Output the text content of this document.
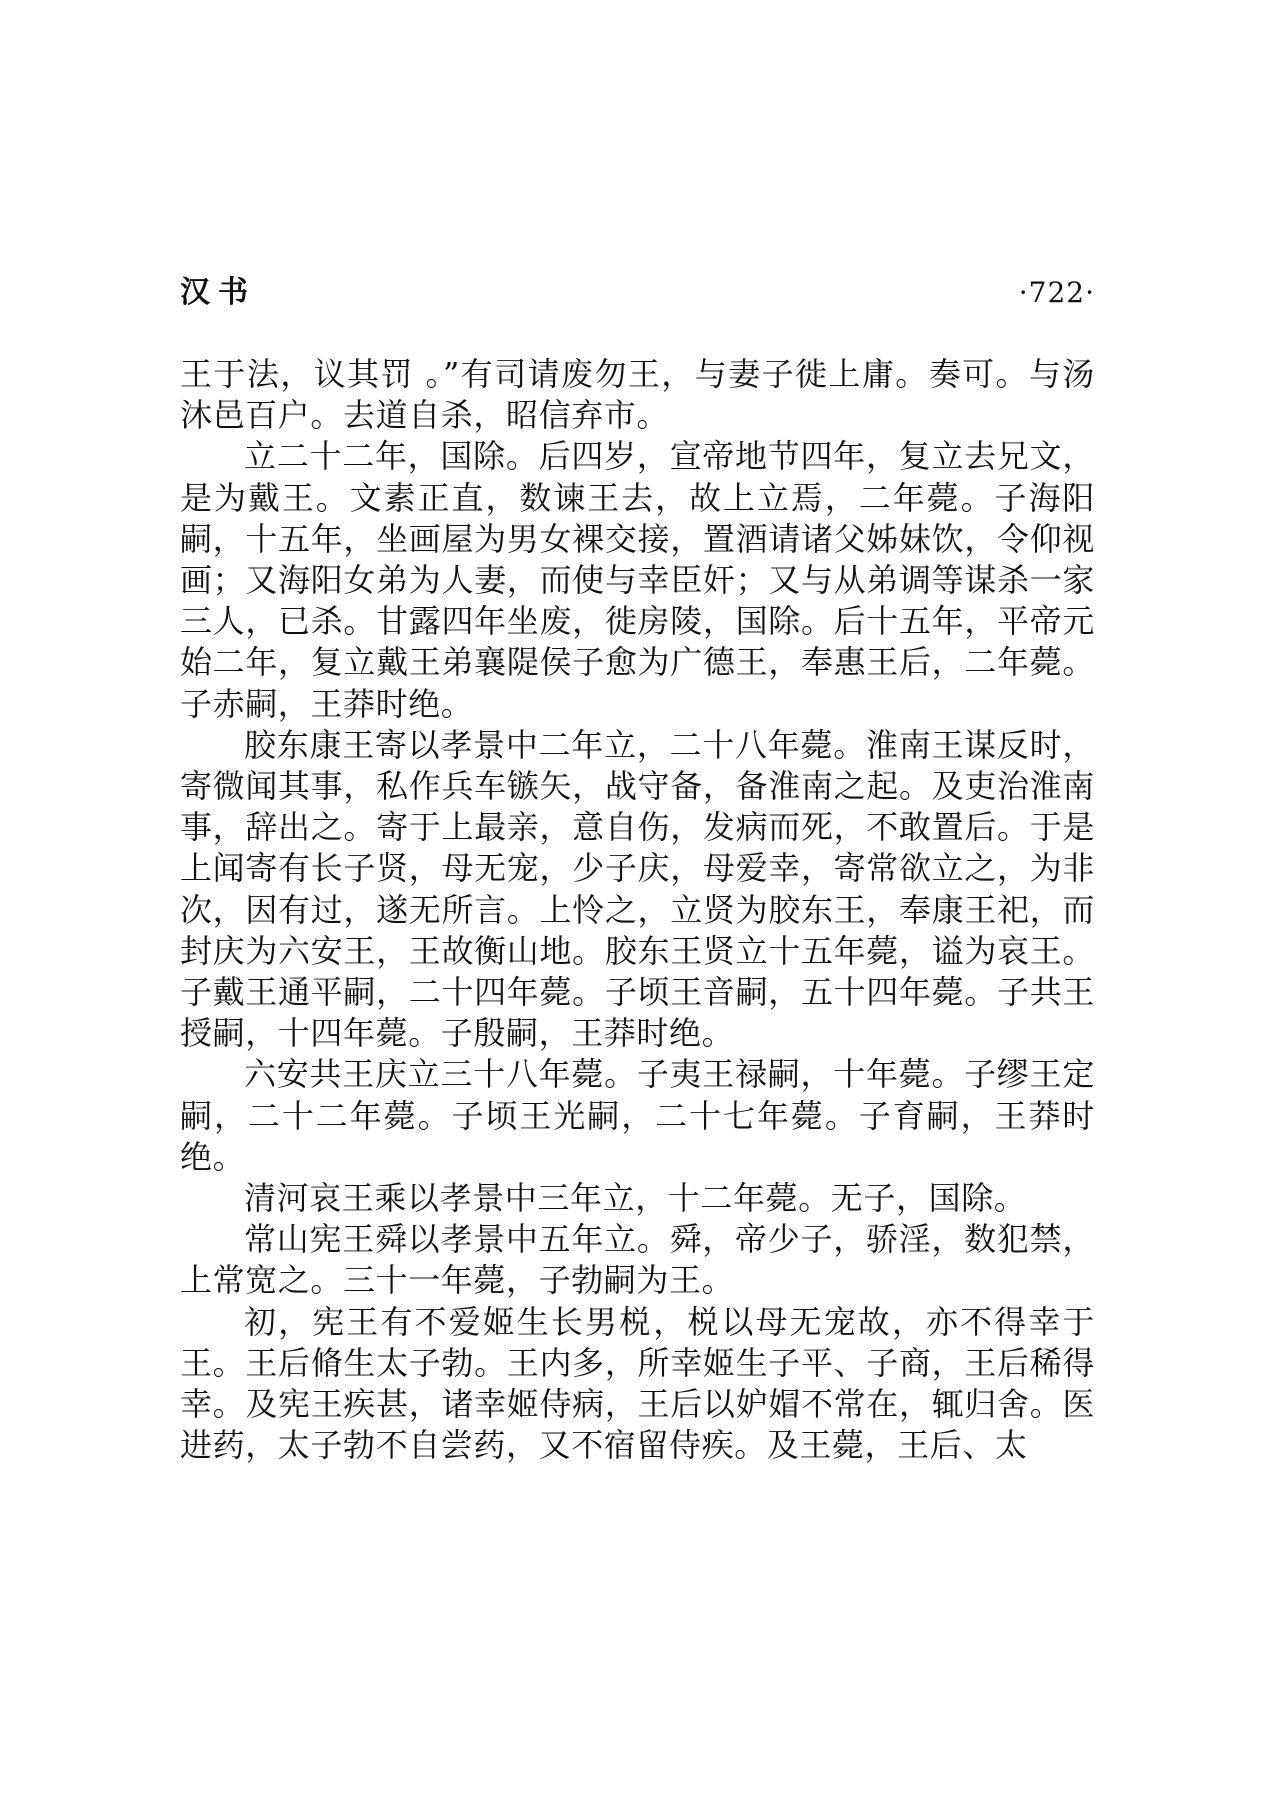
汉书	·722·

王于法，议其罚 。”有司请废勿王，与妻子徙上庸。奏可。与汤沐邑百户。去道自杀，昭信弃市。

立二十二年，国除。后四岁，宣帝地节四年，复立去兄文，是为戴王。文素正直，数谏王去，故上立焉，二年薨。子海阳嗣，十五年，坐画屋为男女裸交接，置酒请诸父姊妹饮，令仰视画；又海阳女弟为人妻，而使与幸臣奸；又与从弟调等谋杀一家三人，已杀。甘露四年坐废，徙房陵，国除。后十五年，平帝元始二年，复立戴王弟襄隄侯子愈为广德王，奉惠王后，二年薨。子赤嗣，王莽时绝。

胶东康王寄以孝景中二年立，二十八年薨。淮南王谋反时，寄微闻其事，私作兵车镞矢，战守备，备淮南之起。及吏治淮南事，辞出之。寄于上最亲，意自伤，发病而死，不敢置后。于是上闻寄有长子贤，母无宠，少子庆，母爱幸，寄常欲立之，为非次，因有过，遂无所言。上怜之，立贤为胶东王，奉康王祀，而封庆为六安王，王故衡山地。胶东王贤立十五年薨，谥为哀王。子戴王通平嗣，二十四年薨。子顷王音嗣，五十四年薨。子共王授嗣，十四年薨。子殷嗣，王莽时绝。

六安共王庆立三十八年薨。子夷王禄嗣，十年薨。子缪王定嗣，二十二年薨。子顷王光嗣，二十七年薨。子育嗣，王莽时绝。

清河哀王乘以孝景中三年立，十二年薨。无子，国除。

常山宪王舜以孝景中五年立。舜，帝少子，骄淫，数犯禁，上常宽之。三十一年薨，子勃嗣为王。

初，宪王有不爱姬生长男棁，棁以母无宠故，亦不得幸于王。王后脩生太子勃。王内多，所幸姬生子平、子商，王后稀得幸。及宪王疾甚，诸幸姬侍病，王后以妒媢不常在，辄归舍。医进药，太子勃不自尝药，又不宿留侍疾。及王薨，王后、太
